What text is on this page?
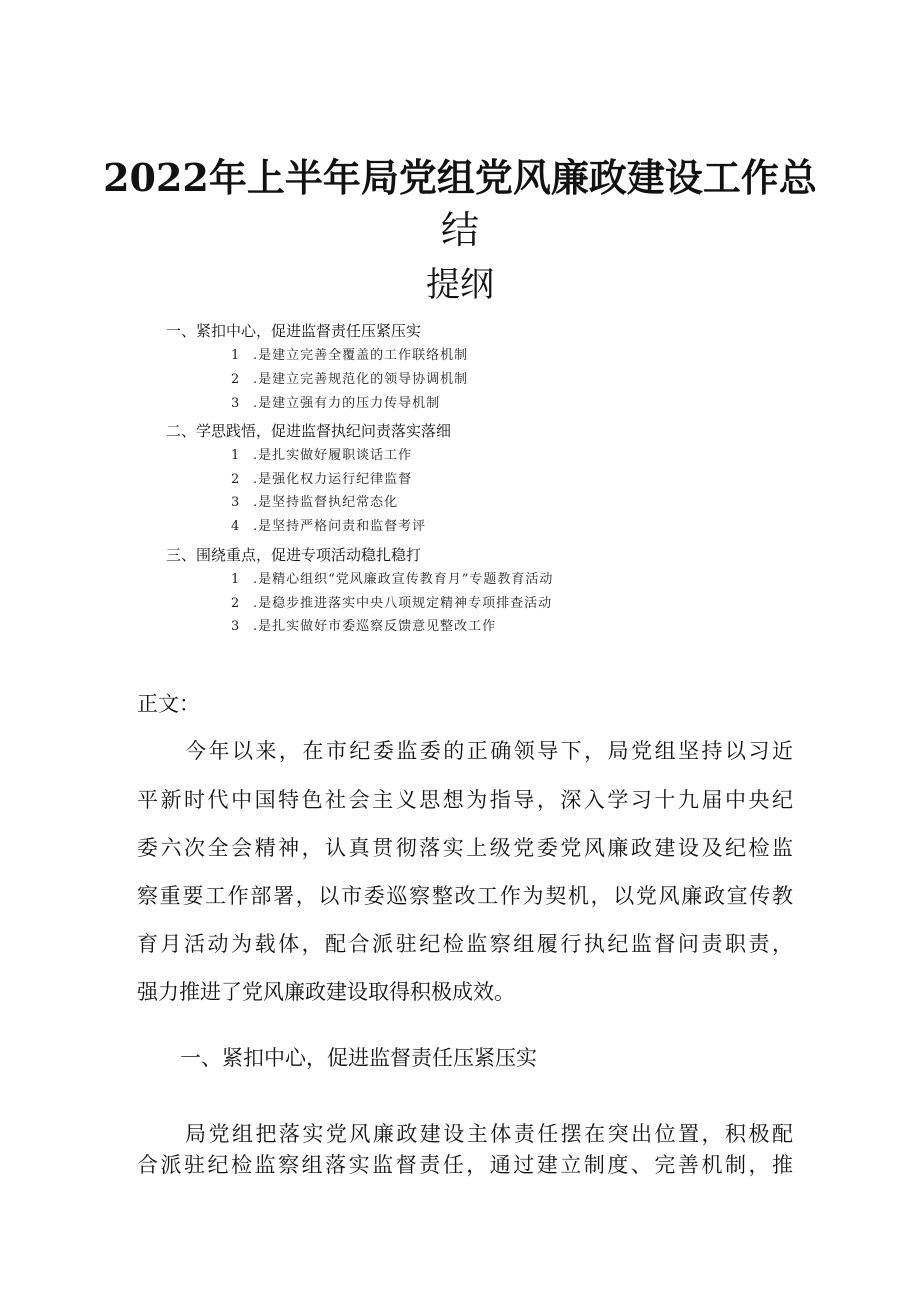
2022年上半年局党组党风廉政建设工作总
结
提纲
一、紧扣中心，促进监督责任压紧压实
1 .是建立完善全覆盖的工作联络机制
2 .是建立完善规范化的领导协调机制
3 .是建立强有力的压力传导机制
二、学思践悟，促进监督执纪问责落实落细
1 .是扎实做好履职谈话工作
2 .是强化权力运行纪律监督
3 .是坚持监督执纪常态化
4 .是坚持严格问责和监督考评
三、围绕重点，促进专项活动稳扎稳打
1 .是精心组织“党风廉政宣传教育月”专题教育活动
2 .是稳步推进落实中央八项规定精神专项排查活动
3 .是扎实做好市委巡察反馈意见整改工作
正文：
今年以来，在市纪委监委的正确领导下，局党组坚持以习近
平新时代中国特色社会主义思想为指导，深入学习十九届中央纪
委六次全会精神，认真贯彻落实上级党委党风廉政建设及纪检监
察重要工作部署，以市委巡察整改工作为契机，以党风廉政宣传教
育月活动为载体，配合派驻纪检监察组履行执纪监督问责职责，
强力推进了党风廉政建设取得积极成效。
一、紧扣中心，促进监督责任压紧压实
局党组把落实党风廉政建设主体责任摆在突出位置，积极配
合派驻纪检监察组落实监督责任，通过建立制度、完善机制，推
